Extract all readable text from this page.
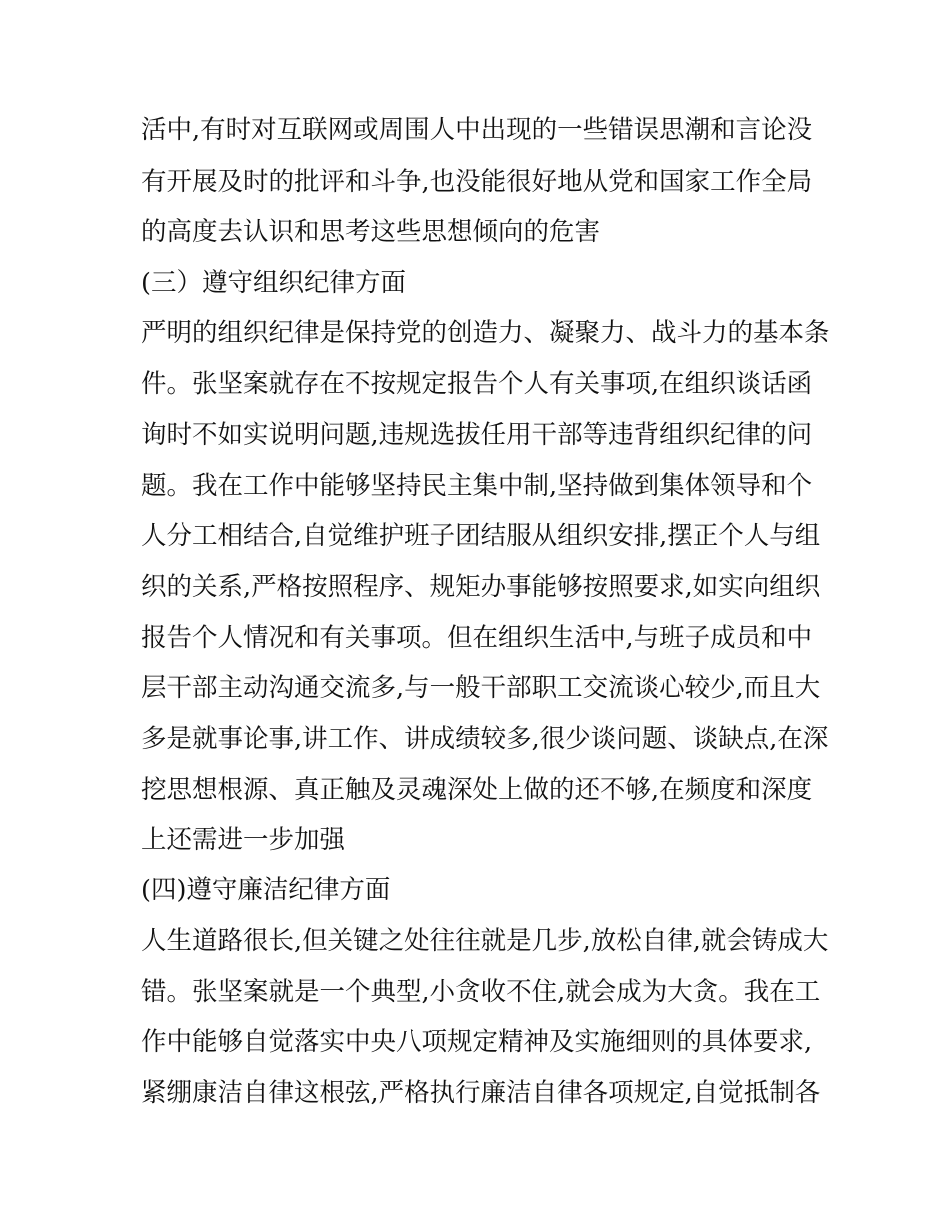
活中,有时对互联网或周围人中出现的一些错误思潮和言论没
有开展及时的批评和斗争,也没能很好地从党和国家工作全局
的高度去认识和思考这些思想倾向的危害
(三）遵守组织纪律方面
严明的组织纪律是保持党的创造力、凝聚力、战斗力的基本条
件。张坚案就存在不按规定报告个人有关事项,在组织谈话函
询时不如实说明问题,违规选拔任用干部等违背组织纪律的问
题。我在工作中能够坚持民主集中制,坚持做到集体领导和个
人分工相结合,自觉维护班子团结服从组织安排,摆正个人与组
织的关系,严格按照程序、规矩办事能够按照要求,如实向组织
报告个人情况和有关事项。但在组织生活中,与班子成员和中
层干部主动沟通交流多,与一般干部职工交流谈心较少,而且大
多是就事论事,讲工作、讲成绩较多,很少谈问题、谈缺点,在深
挖思想根源、真正触及灵魂深处上做的还不够,在频度和深度
上还需进一步加强
(四)遵守廉洁纪律方面
人生道路很长,但关键之处往往就是几步,放松自律,就会铸成大
错。张坚案就是一个典型,小贪收不住,就会成为大贪。我在工
作中能够自觉落实中央八项规定精神及实施细则的具体要求,
紧绷康洁自律这根弦,严格执行廉洁自律各项规定,自觉抵制各
